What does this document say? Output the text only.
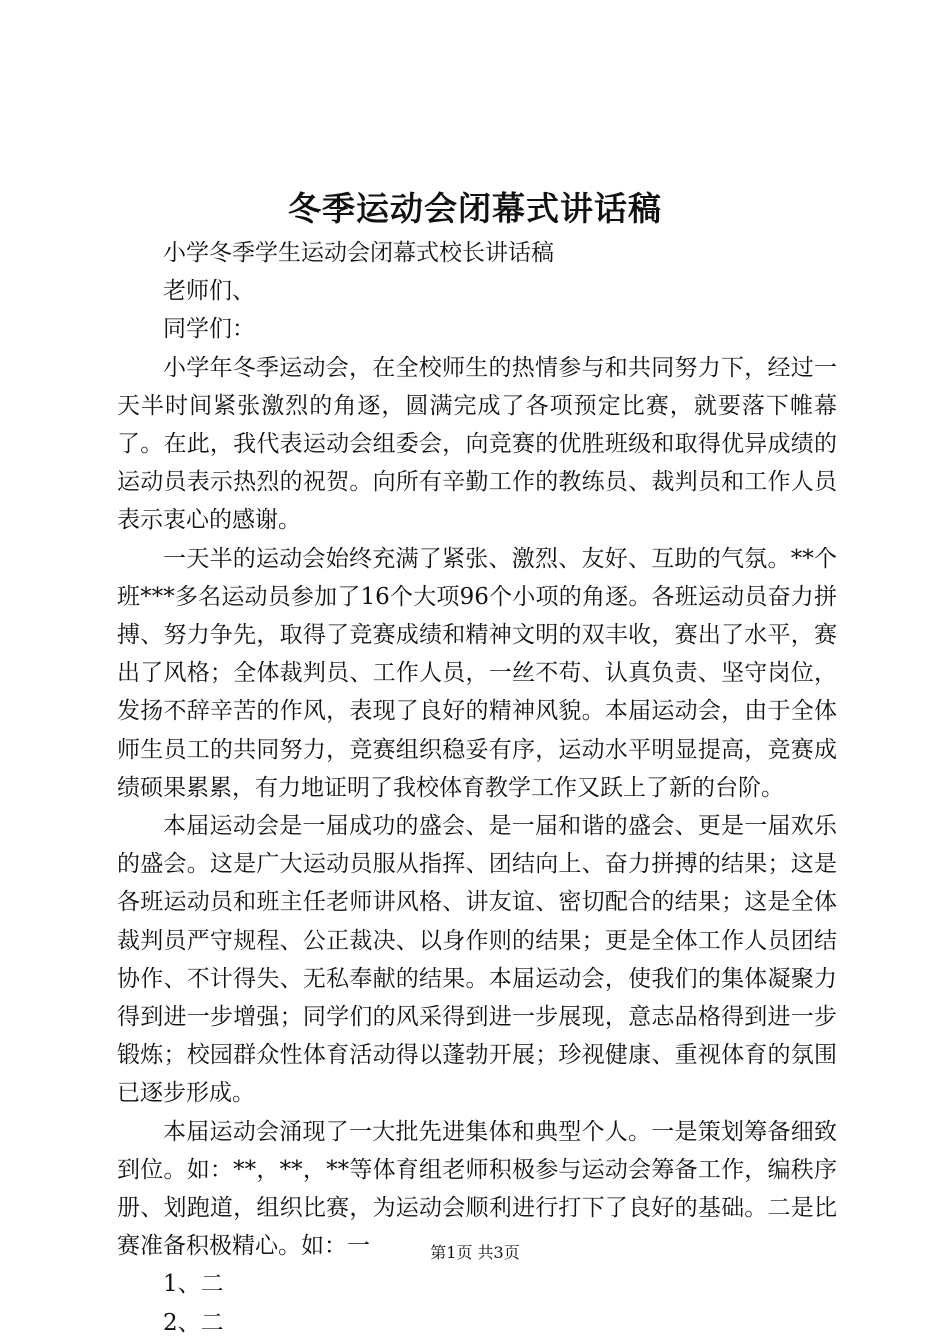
冬季运动会闭幕式讲话稿

小学冬季学生运动会闭幕式校长讲话稿

老师们、

同学们：

小学年冬季运动会，在全校师生的热情参与和共同努力下，经过一天半时间紧张激烈的角逐，圆满完成了各项预定比赛，就要落下帷幕了。在此，我代表运动会组委会，向竞赛的优胜班级和取得优异成绩的运动员表示热烈的祝贺。向所有辛勤工作的教练员、裁判员和工作人员表示衷心的感谢。

一天半的运动会始终充满了紧张、激烈、友好、互助的气氛。**个班***多名运动员参加了16个大项96个小项的角逐。各班运动员奋力拼搏、努力争先，取得了竞赛成绩和精神文明的双丰收，赛出了水平，赛出了风格；全体裁判员、工作人员，一丝不苟、认真负责、坚守岗位，发扬不辞辛苦的作风，表现了良好的精神风貌。本届运动会，由于全体师生员工的共同努力，竞赛组织稳妥有序，运动水平明显提高，竞赛成绩硕果累累，有力地证明了我校体育教学工作又跃上了新的台阶。

本届运动会是一届成功的盛会、是一届和谐的盛会、更是一届欢乐的盛会。这是广大运动员服从指挥、团结向上、奋力拼搏的结果；这是各班运动员和班主任老师讲风格、讲友谊、密切配合的结果；这是全体裁判员严守规程、公正裁决、以身作则的结果；更是全体工作人员团结协作、不计得失、无私奉献的结果。本届运动会，使我们的集体凝聚力得到进一步增强；同学们的风采得到进一步展现，意志品格得到进一步锻炼；校园群众性体育活动得以蓬勃开展；珍视健康、重视体育的氛围已逐步形成。

本届运动会涌现了一大批先进集体和典型个人。一是策划筹备细致到位。如：**，**，**等体育组老师积极参与运动会筹备工作，编秩序册、划跑道，组织比赛，为运动会顺利进行打下了良好的基础。二是比赛准备积极精心。如：一

1、二

2、二

第1页 共3页
